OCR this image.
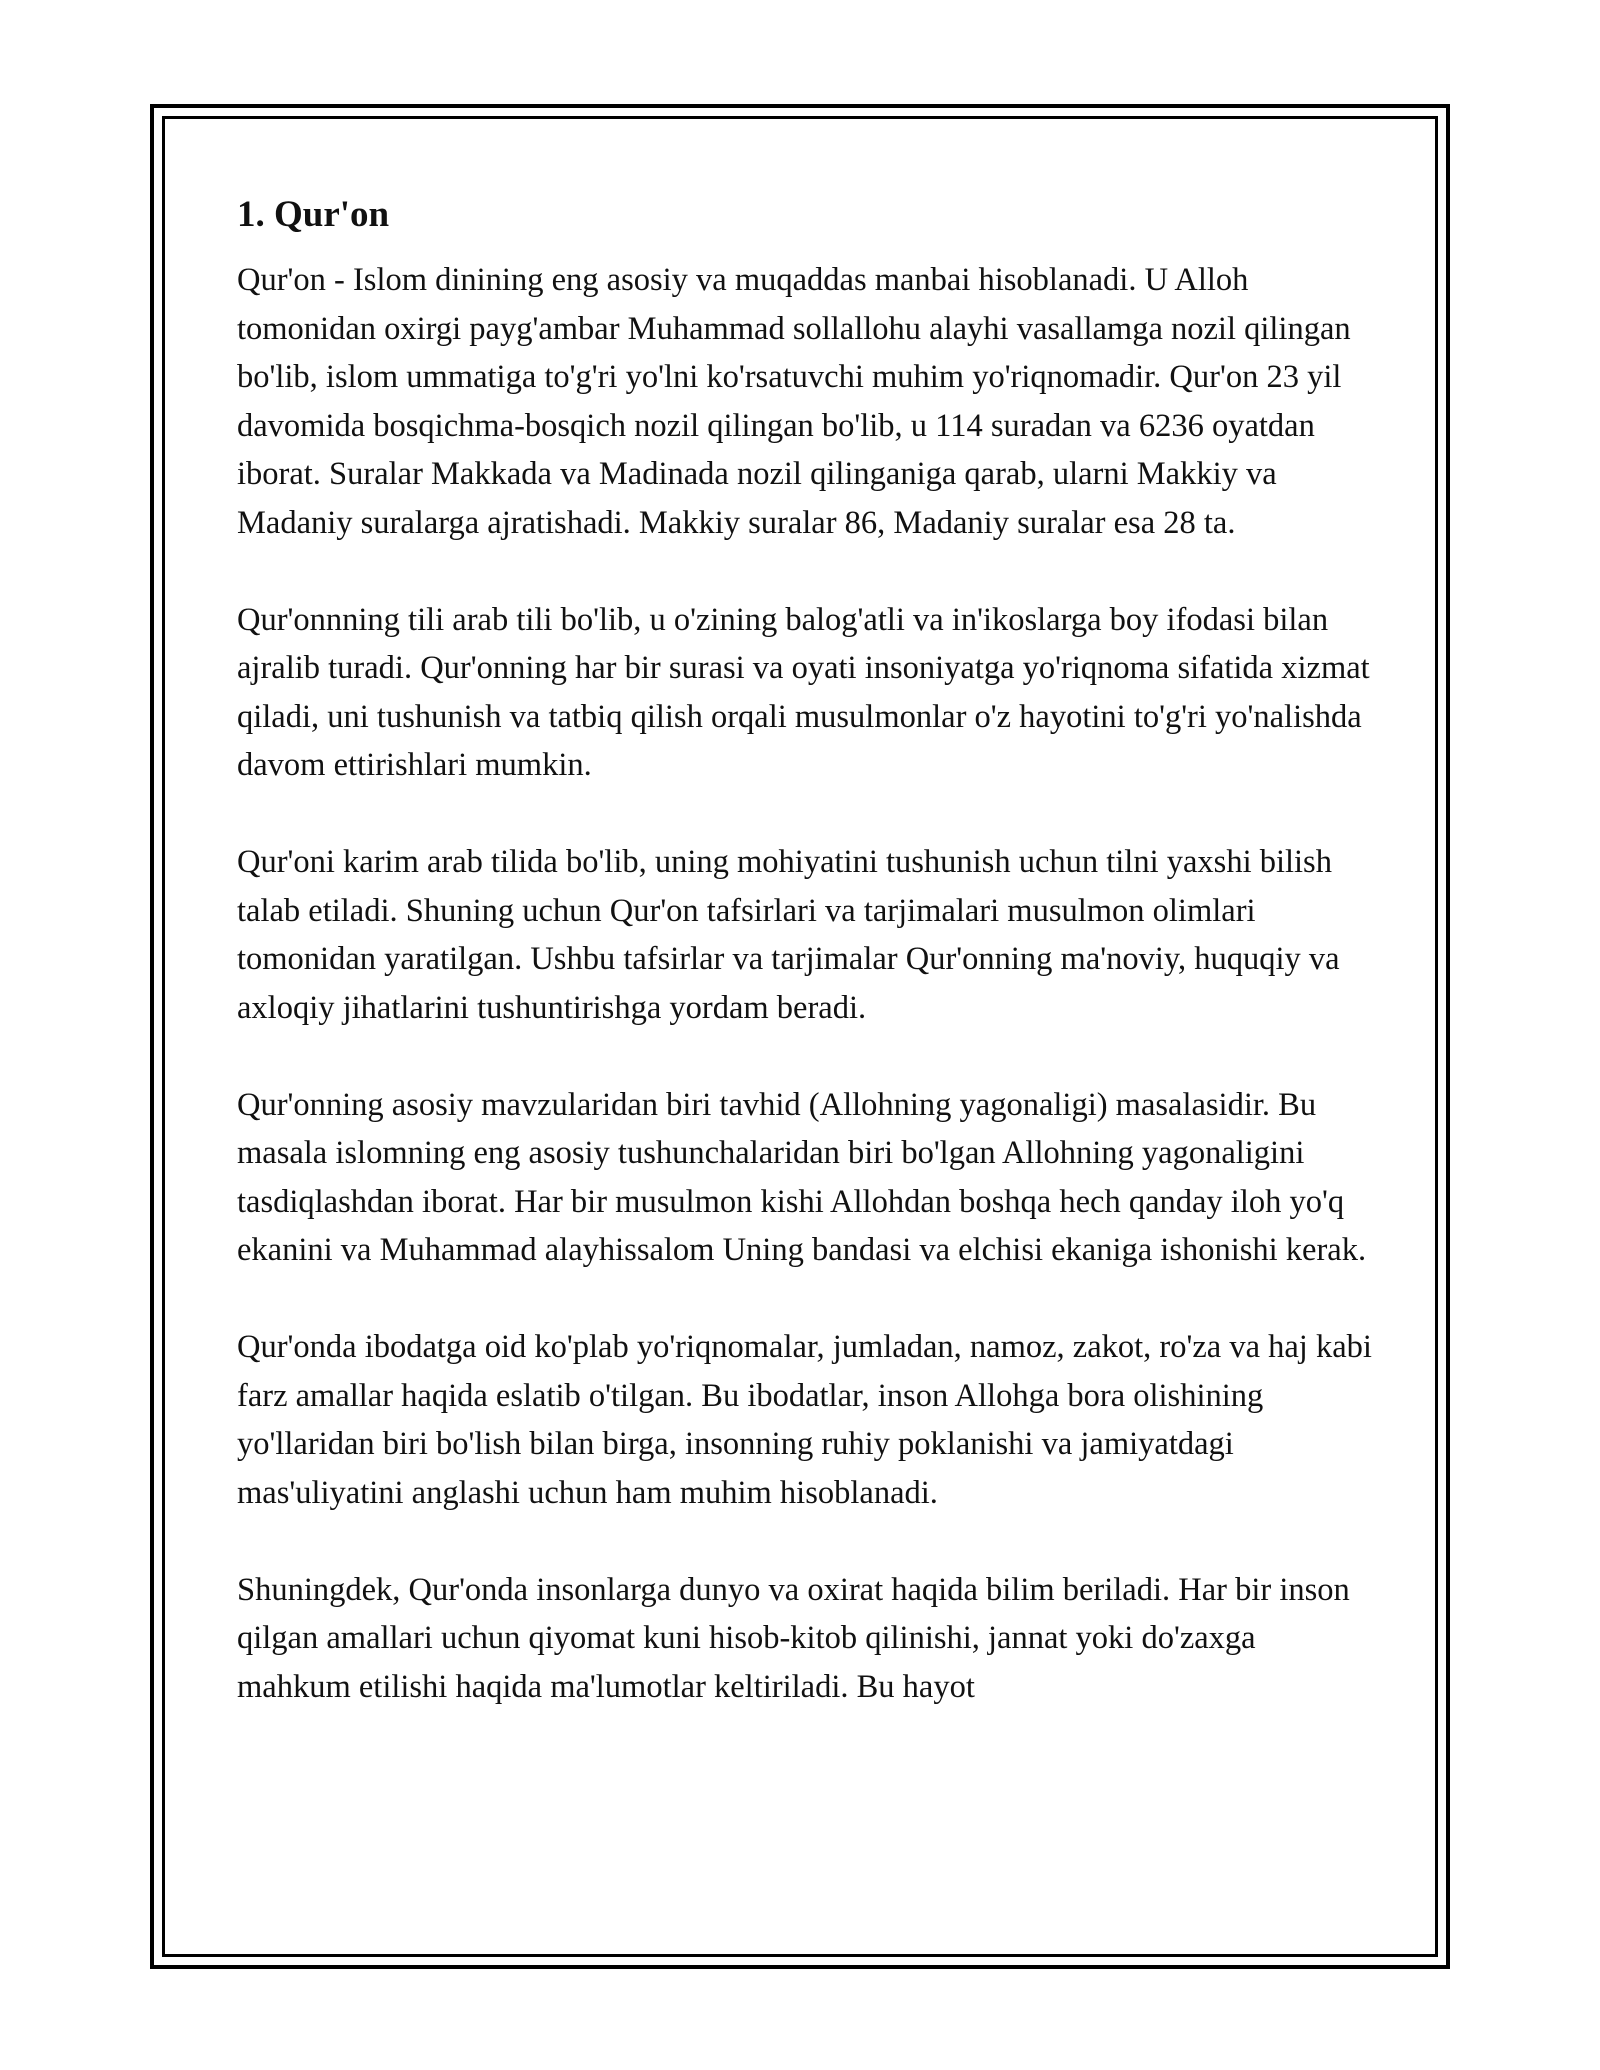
1. Qur'on

Qur'on - Islom dinining eng asosiy va muqaddas manbai hisoblanadi. U Alloh tomonidan oxirgi payg'ambar Muhammad sollallohu alayhi vasallamga nozil qilingan bo'lib, islom ummatiga to'g'ri yo'lni ko'rsatuvchi muhim yo'riqnomadir. Qur'on 23 yil davomida bosqichma-bosqich nozil qilingan bo'lib, u 114 suradan va 6236 oyatdan iborat. Suralar Makkada va Madinada nozil qilinganiga qarab, ularni Makkiy va Madaniy suralarga ajratishadi. Makkiy suralar 86, Madaniy suralar esa 28 ta.

Qur'onnning tili arab tili bo'lib, u o'zining balog'atli va in'ikoslarga boy ifodasi bilan ajralib turadi. Qur'onning har bir surasi va oyati insoniyatga yo'riqnoma sifatida xizmat qiladi, uni tushunish va tatbiq qilish orqali musulmonlar o'z hayotini to'g'ri yo'nalishda davom ettirishlari mumkin.

Qur'oni karim arab tilida bo'lib, uning mohiyatini tushunish uchun tilni yaxshi bilish talab etiladi. Shuning uchun Qur'on tafsirlari va tarjimalari musulmon olimlari tomonidan yaratilgan. Ushbu tafsirlar va tarjimalar Qur'onning ma'noviy, huquqiy va axloqiy jihatlarini tushuntirishga yordam beradi.

Qur'onning asosiy mavzularidan biri tavhid (Allohning yagonaligi) masalasidir. Bu masala islomning eng asosiy tushunchalaridan biri bo'lgan Allohning yagonaligini tasdiqlashdan iborat. Har bir musulmon kishi Allohdan boshqa hech qanday iloh yo'q ekanini va Muhammad alayhissalom Uning bandasi va elchisi ekaniga ishonishi kerak.

Qur'onda ibodatga oid ko'plab yo'riqnomalar, jumladan, namoz, zakot, ro'za va haj kabi farz amallar haqida eslatib o'tilgan. Bu ibodatlar, inson Allohga bora olishining yo'llaridan biri bo'lish bilan birga, insonning ruhiy poklanishi va jamiyatdagi mas'uliyatini anglashi uchun ham muhim hisoblanadi.

Shuningdek, Qur'onda insonlarga dunyo va oxirat haqida bilim beriladi. Har bir inson qilgan amallari uchun qiyomat kuni hisob-kitob qilinishi, jannat yoki do'zaxga mahkum etilishi haqida ma'lumotlar keltiriladi. Bu hayot
